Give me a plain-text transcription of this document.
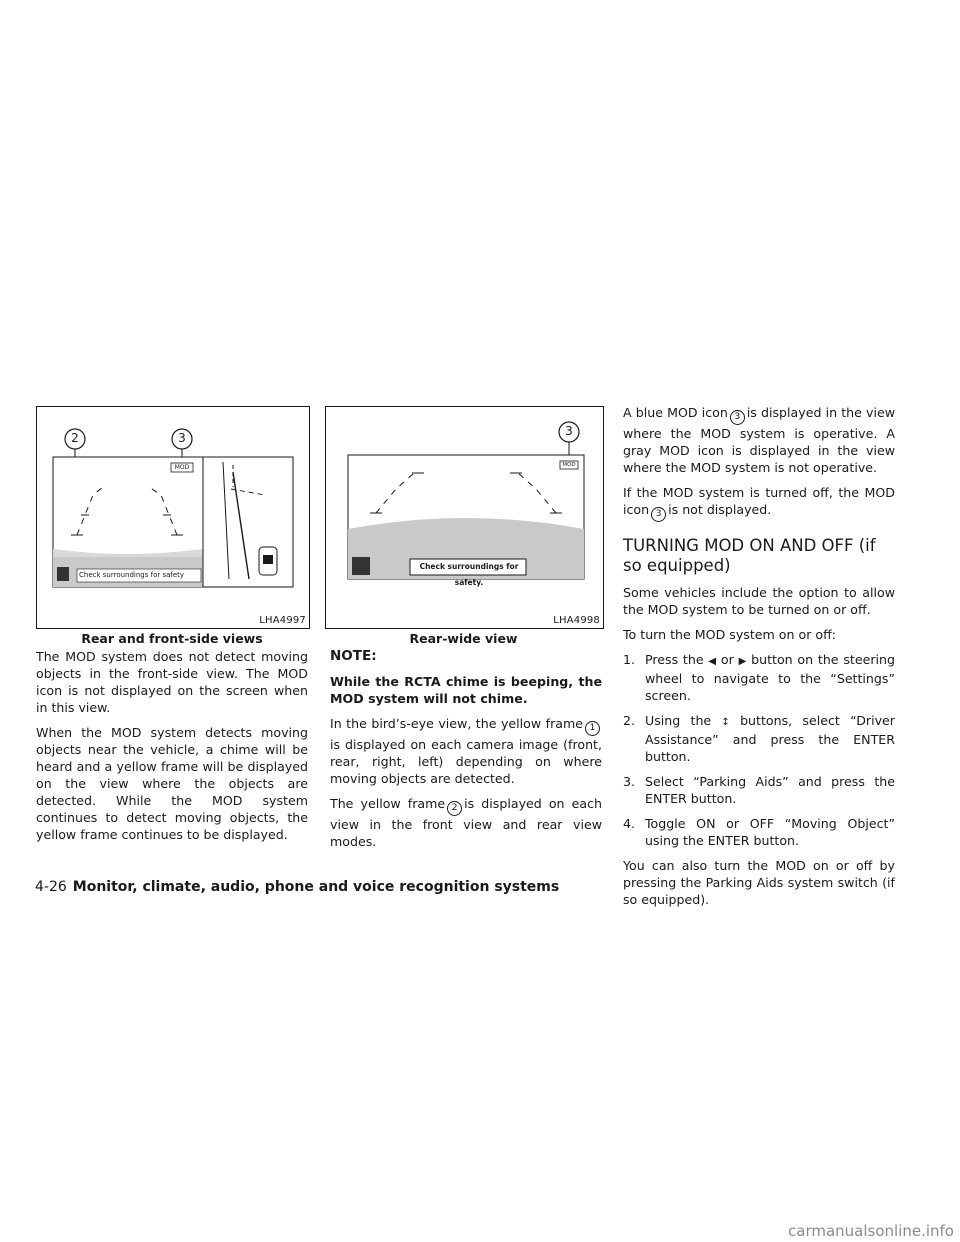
2	3
MOD
Check surroundings for safety
LHA4997
Rear and front-side views
3
MOD
Check surroundings for safety.
LHA4998
Rear-wide view

The MOD system does not detect moving objects in the front-side view. The MOD icon is not displayed on the screen when in this view.

When the MOD system detects moving objects near the vehicle, a chime will be heard and a yellow frame will be displayed on the view where the objects are detected. While the MOD system continues to detect moving objects, the yellow frame continues to be displayed.

NOTE:

While the RCTA chime is beeping, the MOD system will not chime.

In the bird’s-eye view, the yellow frame 1is displayed on each camera image (front, rear, right, left) depending on where moving objects are detected.

The yellow frame 2 is displayed on each view in the front view and rear view modes.

A blue MOD icon 3 is displayed in the view where the MOD system is operative. A gray MOD icon is displayed in the view where the MOD system is not operative.

If the MOD system is turned off, the MOD icon 3 is not displayed.

TURNING MOD ON AND OFF (if so equipped)

Some vehicles include the option to allow the MOD system to be turned on or off.

To turn the MOD system on or off:

1. Press the ◀ or ▶ button on the steering wheel to navigate to the “Settings” screen.
2. Using the ↕ buttons, select “Driver Assistance” and press the ENTER button.
3. Select “Parking Aids” and press the ENTER button.
4. Toggle ON or OFF “Moving Object” using the ENTER button.

You can also turn the MOD on or off by pressing the Parking Aids system switch (if so equipped).

4-26 Monitor, climate, audio, phone and voice recognition systems
carmanualsonline.info
